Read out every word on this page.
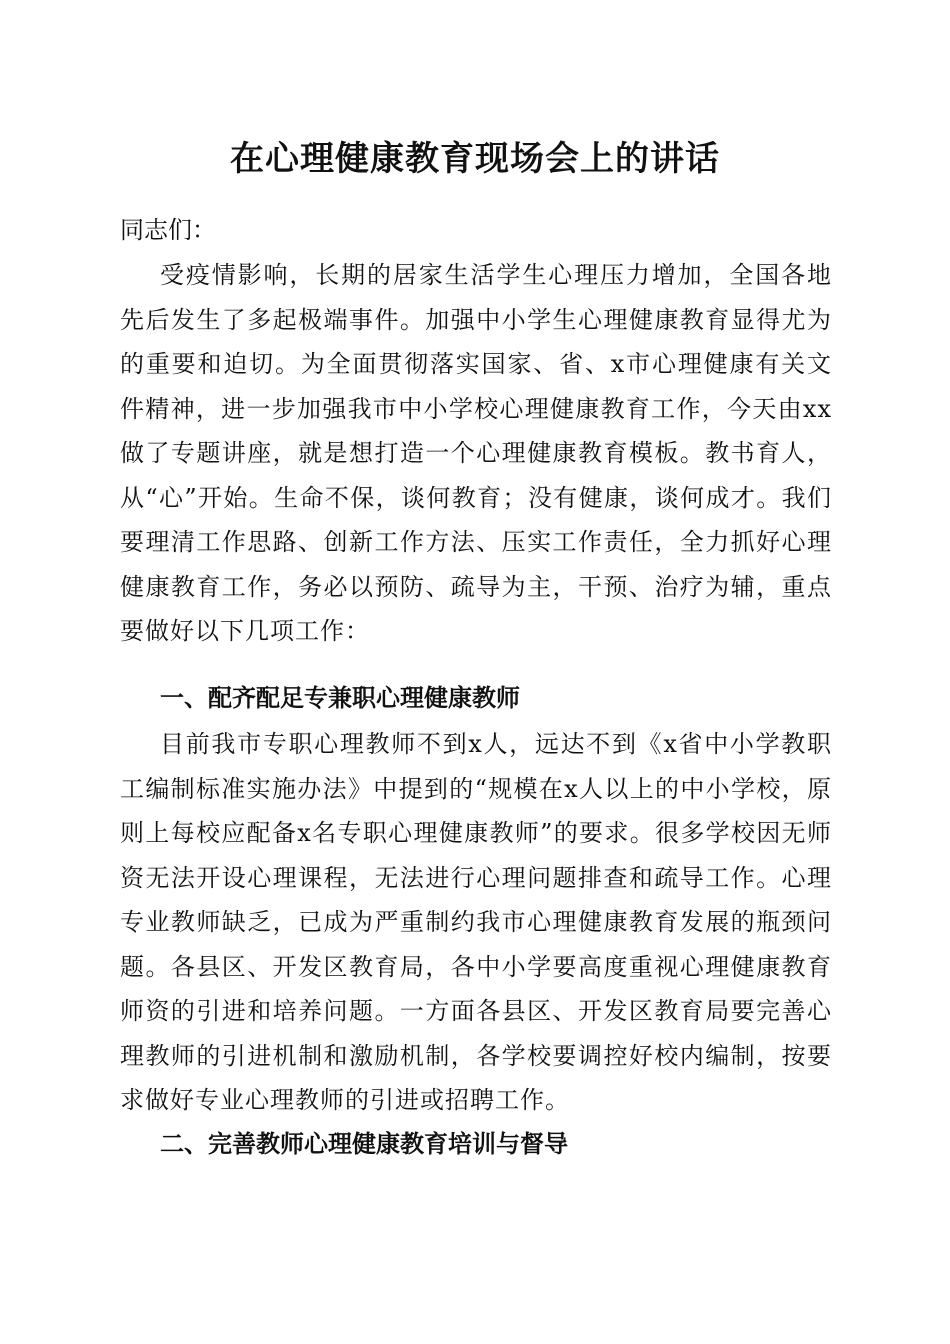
在心理健康教育现场会上的讲话
同志们：

受疫情影响，长期的居家生活学生心理压力增加，全国各地先后发生了多起极端事件。加强中小学生心理健康教育显得尤为的重要和迫切。为全面贯彻落实国家、省、x市心理健康有关文件精神，进一步加强我市中小学校心理健康教育工作，今天由xx做了专题讲座，就是想打造一个心理健康教育模板。教书育人，从“心”开始。生命不保，谈何教育；没有健康，谈何成才。我们要理清工作思路、创新工作方法、压实工作责任，全力抓好心理健康教育工作，务必以预防、疏导为主，干预、治疗为辅，重点要做好以下几项工作：

一、配齐配足专兼职心理健康教师

目前我市专职心理教师不到x人，远达不到《x省中小学教职工编制标准实施办法》中提到的“规模在x人以上的中小学校，原则上每校应配备x名专职心理健康教师”的要求。很多学校因无师资无法开设心理课程，无法进行心理问题排查和疏导工作。心理专业教师缺乏，已成为严重制约我市心理健康教育发展的瓶颈问题。各县区、开发区教育局，各中小学要高度重视心理健康教育师资的引进和培养问题。一方面各县区、开发区教育局要完善心理教师的引进机制和激励机制，各学校要调控好校内编制，按要求做好专业心理教师的引进或招聘工作。

二、完善教师心理健康教育培训与督导
